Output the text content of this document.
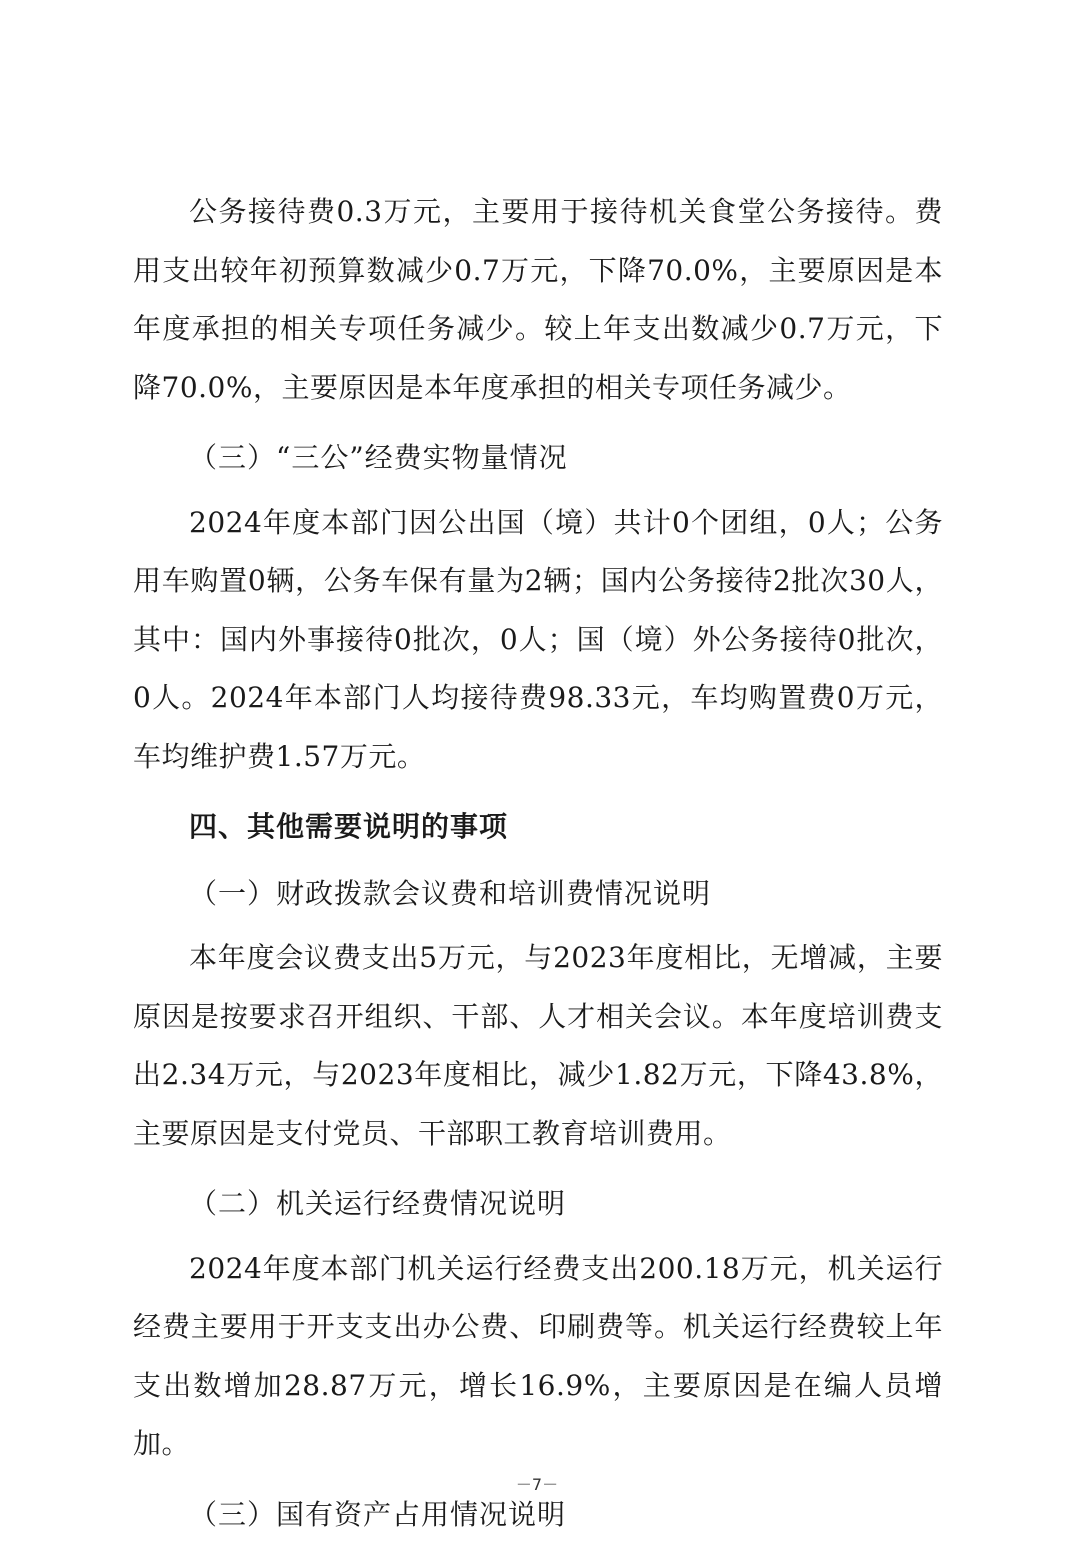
公务接待费0.3万元，主要用于接待机关食堂公务接待。费用支出较年初预算数减少0.7万元，下降70.0%，主要原因是本年度承担的相关专项任务减少。较上年支出数减少0.7万元，下降70.0%，主要原因是本年度承担的相关专项任务减少。

（三）“三公”经费实物量情况

2024年度本部门因公出国（境）共计0个团组，0人；公务用车购置0辆，公务车保有量为2辆；国内公务接待2批次30人，其中：国内外事接待0批次，0人；国（境）外公务接待0批次，0人。2024年本部门人均接待费98.33元，车均购置费0万元，车均维护费1.57万元。

四、其他需要说明的事项

（一）财政拨款会议费和培训费情况说明

本年度会议费支出5万元，与2023年度相比，无增减，主要原因是按要求召开组织、干部、人才相关会议。本年度培训费支出2.34万元，与2023年度相比，减少1.82万元，下降43.8%，主要原因是支付党员、干部职工教育培训费用。

（二）机关运行经费情况说明

2024年度本部门机关运行经费支出200.18万元，机关运行经费主要用于开支支出办公费、印刷费等。机关运行经费较上年支出数增加28.87万元，增长16.9%，主要原因是在编人员增加。

（三）国有资产占用情况说明

－7－
